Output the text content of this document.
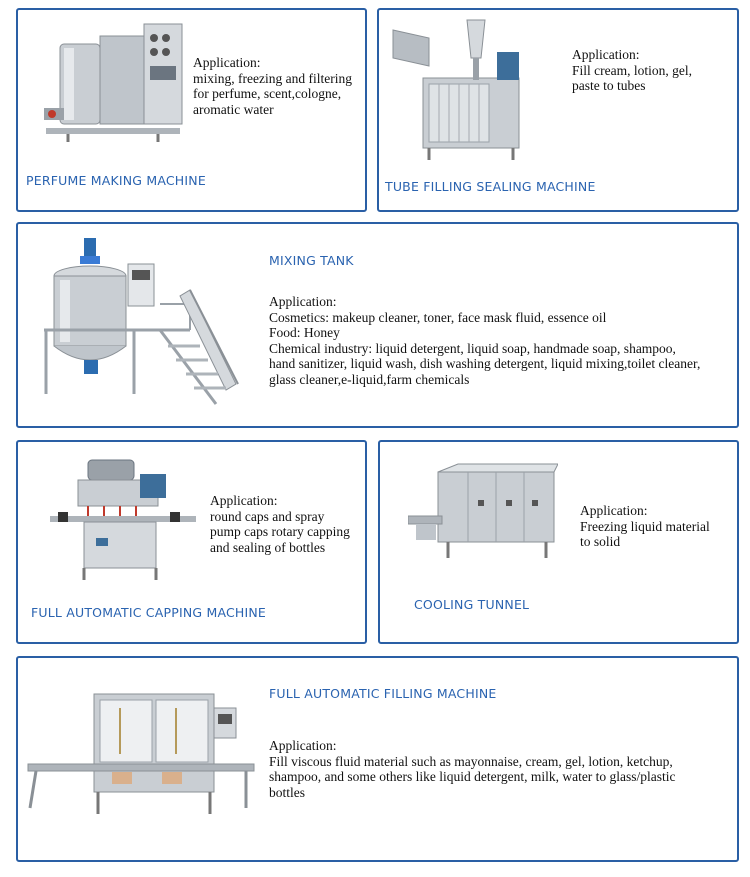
Application:
mixing, freezing and filtering
for perfume, scent,cologne,
aromatic water
PERFUME MAKING MACHINE
Application:
Fill cream, lotion, gel,
paste to tubes
TUBE FILLING SEALING MACHINE
MIXING TANK
Application:
Cosmetics: makeup cleaner, toner, face mask fluid, essence oil
Food: Honey
Chemical industry: liquid detergent, liquid soap, handmade soap, shampoo,
hand sanitizer, liquid wash, dish washing detergent, liquid mixing,toilet cleaner,
glass cleaner,e-liquid,farm chemicals
Application:
round caps and spray
pump caps rotary capping
and sealing of bottles
FULL AUTOMATIC CAPPING MACHINE
Application:
Freezing liquid material
to solid
COOLING TUNNEL
FULL AUTOMATIC FILLING MACHINE
Application:
Fill viscous fluid material such as mayonnaise, cream, gel, lotion, ketchup,
shampoo, and some others like liquid detergent, milk, water to glass/plastic
bottles
